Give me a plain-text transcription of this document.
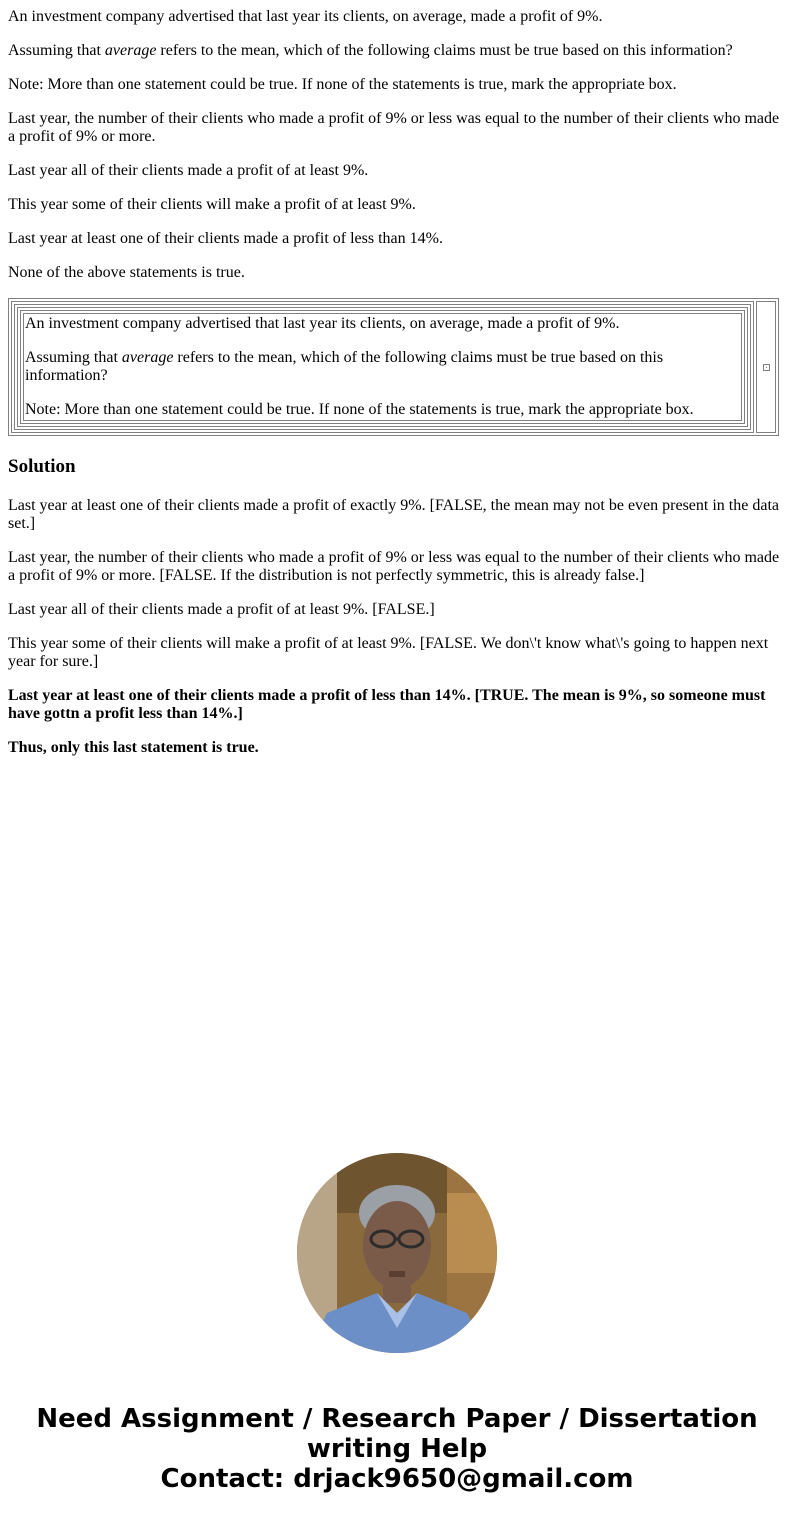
An investment company advertised that last year its clients, on average, made a profit of 9%.

Assuming that average refers to the mean, which of the following claims must be true based on this information?

Note: More than one statement could be true. If none of the statements is true, mark the appropriate box.

Last year, the number of their clients who made a profit of 9% or less was equal to the number of their clients who made a profit of 9% or more.

Last year all of their clients made a profit of at least 9%.

This year some of their clients will make a profit of at least 9%.

Last year at least one of their clients made a profit of less than 14%.

None of the above statements is true.

An investment company advertised that last year its clients, on average, made a profit of 9%.

Assuming that average refers to the mean, which of the following claims must be true based on this information?

Note: More than one statement could be true. If none of the statements is true, mark the appropriate box.

Solution

Last year at least one of their clients made a profit of exactly 9%. [FALSE, the mean may not be even present in the data set.]

Last year, the number of their clients who made a profit of 9% or less was equal to the number of their clients who made a profit of 9% or more. [FALSE. If the distribution is not perfectly symmetric, this is already false.]

Last year all of their clients made a profit of at least 9%. [FALSE.]

This year some of their clients will make a profit of at least 9%. [FALSE. We don\'t know what\'s going to happen next year for sure.]

Last year at least one of their clients made a profit of less than 14%. [TRUE. The mean is 9%, so someone must have gottn a profit less than 14%.]

Thus, only this last statement is true.

Need Assignment / Research Paper / Dissertation
writing Help
Contact: drjack9650@gmail.com
